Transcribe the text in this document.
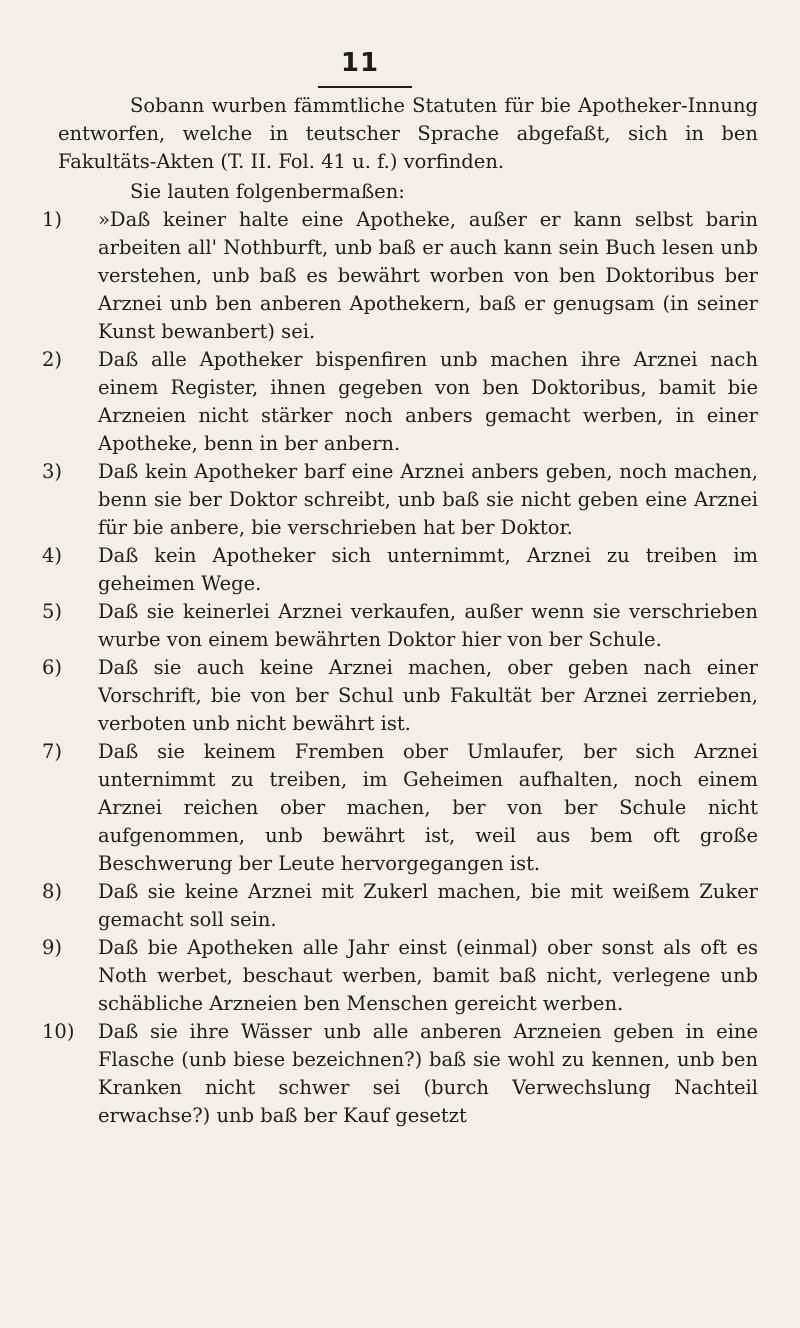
11

Sobann wurben fämmtliche Statuten für bie Apotheker-Innung entworfen, welche in teutscher Sprache abgefaßt, sich in ben Fakultäts-Akten (T. II. Fol. 41 u. f.) vorfinden.

Sie lauten folgenbermaßen:

1)	»Daß keiner halte eine Apotheke, außer er kann selbst barin arbeiten all' Nothburft, unb baß er auch kann sein Buch lesen unb verstehen, unb baß es bewährt worben von ben Doktoribus ber Arznei unb ben anberen Apothekern, baß er genugsam (in seiner Kunst bewanbert) sei.
2)	Daß alle Apotheker bispenfiren unb machen ihre Arznei nach einem Register, ihnen gegeben von ben Doktoribus, bamit bie Arzneien nicht stärker noch anbers gemacht werben, in einer Apotheke, benn in ber anbern.
3)	Daß kein Apotheker barf eine Arznei anbers geben, noch machen, benn sie ber Doktor schreibt, unb baß sie nicht geben eine Arznei für bie anbere, bie verschrieben hat ber Doktor.
4)	Daß kein Apotheker sich unternimmt, Arznei zu treiben im geheimen Wege.
5)	Daß sie keinerlei Arznei verkaufen, außer wenn sie verschrieben wurbe von einem bewährten Doktor hier von ber Schule.
6)	Daß sie auch keine Arznei machen, ober geben nach einer Vorschrift, bie von ber Schul unb Fakultät ber Arznei zerrieben, verboten unb nicht bewährt ist.
7)	Daß sie keinem Fremben ober Umlaufer, ber sich Arznei unternimmt zu treiben, im Geheimen aufhalten, noch einem Arznei reichen ober machen, ber von ber Schule nicht aufgenommen, unb bewährt ist, weil aus bem oft große Beschwerung ber Leute hervorgegangen ist.
8)	Daß sie keine Arznei mit Zukerl machen, bie mit weißem Zuker gemacht soll sein.
9)	Daß bie Apotheken alle Jahr einst (einmal) ober sonst als oft es Noth werbet, beschaut werben, bamit baß nicht, verlegene unb schäbliche Arzneien ben Menschen gereicht werben.
10)	Daß sie ihre Wässer unb alle anberen Arzneien geben in eine Flasche (unb biese bezeichnen?) baß sie wohl zu kennen, unb ben Kranken nicht schwer sei (burch Verwechslung Nachteil erwachse?) unb baß ber Kauf gesetzt
